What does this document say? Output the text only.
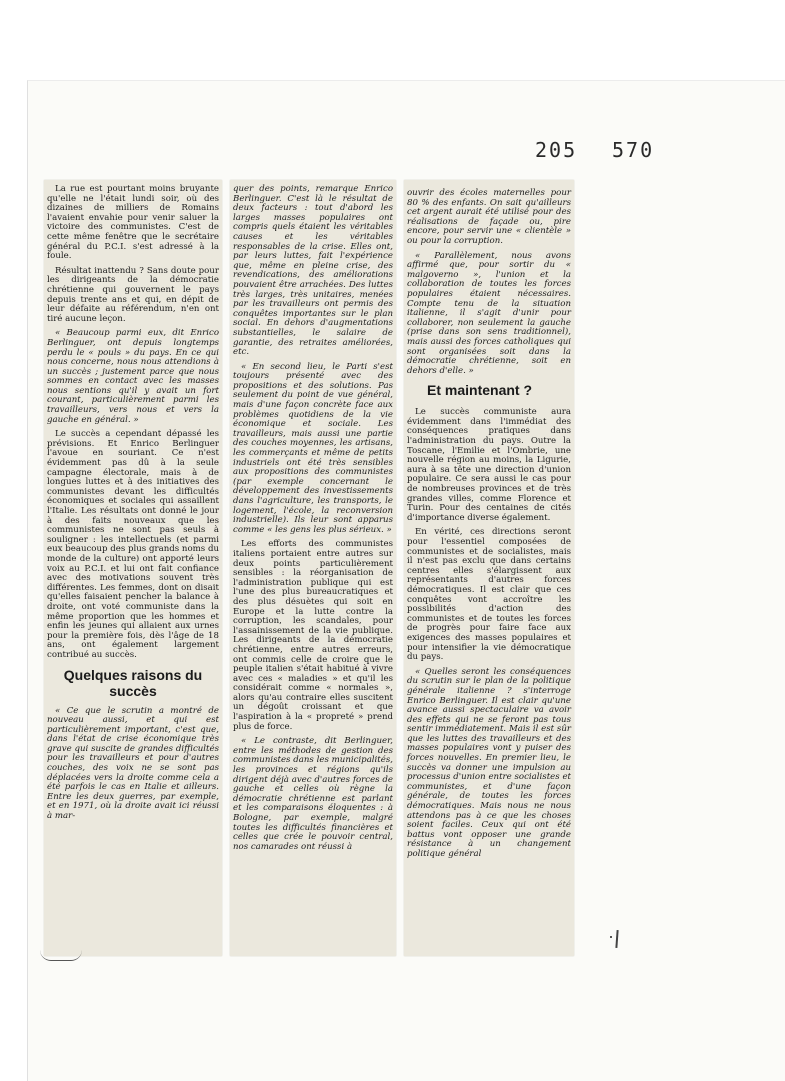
205 570

La rue est pourtant moins bruyante qu'elle ne l'était lundi soir, où des dizaines de milliers de Romains l'avaient envahie pour venir saluer la victoire des communistes. C'est de cette même fenêtre que le secrétaire général du P.C.I. s'est adressé à la foule.

Résultat inattendu ? Sans doute pour les dirigeants de la démocratie chrétienne qui gouvernent le pays depuis trente ans et qui, en dépit de leur défaite au référendum, n'en ont tiré aucune leçon.

« Beaucoup parmi eux, dit Enrico Berlinguer, ont depuis longtemps perdu le « pouls » du pays. En ce qui nous concerne, nous nous attendions à un succès ; justement parce que nous sommes en contact avec les masses nous sentions qu'il y avait un fort courant, particulièrement parmi les travailleurs, vers nous et vers la gauche en général. »

Le succès a cependant dépassé les prévisions. Et Enrico Berlinguer l'avoue en souriant. Ce n'est évidemment pas dû à la seule campagne électorale, mais à de longues luttes et à des initiatives des communistes devant les difficultés économiques et sociales qui assaillent l'Italie. Les résultats ont donné le jour à des faits nouveaux que les communistes ne sont pas seuls à souligner : les intellectuels (et parmi eux beaucoup des plus grands noms du monde de la culture) ont apporté leurs voix au P.C.I. et lui ont fait confiance avec des motivations souvent très différentes. Les femmes, dont on disait qu'elles faisaient pencher la balance à droite, ont voté communiste dans la même proportion que les hommes et enfin les jeunes qui allaient aux urnes pour la première fois, dès l'âge de 18 ans, ont également largement contribué au succès.

Quelques raisons du succès

« Ce que le scrutin a montré de nouveau aussi, et qui est particulièrement important, c'est que, dans l'état de crise économique très grave qui suscite de grandes difficultés pour les travailleurs et pour d'autres couches, des voix ne se sont pas déplacées vers la droite comme cela a été parfois le cas en Italie et ailleurs. Entre les deux guerres, par exemple, et en 1971, où la droite avait ici réussi à mar-

quer des points, remarque Enrico Berlinguer. C'est là le résultat de deux facteurs : tout d'abord les larges masses populaires ont compris quels étaient les véritables causes et les véritables responsables de la crise. Elles ont, par leurs luttes, fait l'expérience que, même en pleine crise, des revendications, des améliorations pouvaient être arrachées. Des luttes très larges, très unitaires, menées par les travailleurs ont permis des conquêtes importantes sur le plan social. En dehors d'augmentations substantielles, le salaire de garantie, des retraites améliorées, etc.

« En second lieu, le Parti s'est toujours présenté avec des propositions et des solutions. Pas seulement du point de vue général, mais d'une façon concrète face aux problèmes quotidiens de la vie économique et sociale. Les travailleurs, mais aussi une partie des couches moyennes, les artisans, les commerçants et même de petits industriels ont été très sensibles aux propositions des communistes (par exemple concernant le développement des investissements dans l'agriculture, les transports, le logement, l'école, la reconversion industrielle). Ils leur sont apparus comme « les gens les plus sérieux. »

Les efforts des communistes italiens portaient entre autres sur deux points particulièrement sensibles : la réorganisation de l'administration publique qui est l'une des plus bureaucratiques et des plus désuètes qui soit en Europe et la lutte contre la corruption, les scandales, pour l'assainissement de la vie publique. Les dirigeants de la démocratie chrétienne, entre autres erreurs, ont commis celle de croire que le peuple italien s'était habitué à vivre avec ces « maladies » et qu'il les considérait comme « normales », alors qu'au contraire elles suscitent un dégoût croissant et que l'aspiration à la « propreté » prend plus de force.

« Le contraste, dit Berlinguer, entre les méthodes de gestion des communistes dans les municipalités, les provinces et régions qu'ils dirigent déjà avec d'autres forces de gauche et celles où règne la démocratie chrétienne est parlant et les comparaisons éloquentes : à Bologne, par exemple, malgré toutes les difficultés financières et celles que crée le pouvoir central, nos camarades ont réussi à

ouvrir des écoles maternelles pour 80 % des enfants. On sait qu'ailleurs cet argent aurait été utilisé pour des réalisations de façade ou, pire encore, pour servir une « clientèle » ou pour la corruption.

« Parallèlement, nous avons affirmé que, pour sortir du « malgoverno », l'union et la collaboration de toutes les forces populaires étaient nécessaires. Compte tenu de la situation italienne, il s'agit d'unir pour collaborer, non seulement la gauche (prise dans son sens traditionnel), mais aussi des forces catholiques qui sont organisées soit dans la démocratie chrétienne, soit en dehors d'elle. »

Et maintenant ?

Le succès communiste aura évidemment dans l'immédiat des conséquences pratiques dans l'administration du pays. Outre la Toscane, l'Emilie et l'Ombrie, une nouvelle région au moins, la Ligurie, aura à sa tête une direction d'union populaire. Ce sera aussi le cas pour de nombreuses provinces et de très grandes villes, comme Florence et Turin. Pour des centaines de cités d'importance diverse également.

En vérité, ces directions seront pour l'essentiel composées de communistes et de socialistes, mais il n'est pas exclu que dans certains centres elles s'élargissent aux représentants d'autres forces démocratiques. Il est clair que ces conquêtes vont accroître les possibilités d'action des communistes et de toutes les forces de progrès pour faire face aux exigences des masses populaires et pour intensifier la vie démocratique du pays.

« Quelles seront les conséquences du scrutin sur le plan de la politique générale italienne ? s'interroge Enrico Berlinguer. Il est clair qu'une avance aussi spectaculaire va avoir des effets qui ne se feront pas tous sentir immédiatement. Mais il est sûr que les luttes des travailleurs et des masses populaires vont y puiser des forces nouvelles. En premier lieu, le succès va donner une impulsion au processus d'union entre socialistes et communistes, et d'une façon générale, de toutes les forces démocratiques. Mais nous ne nous attendons pas à ce que les choses soient faciles. Ceux qui ont été battus vont opposer une grande résistance à un changement politique général
